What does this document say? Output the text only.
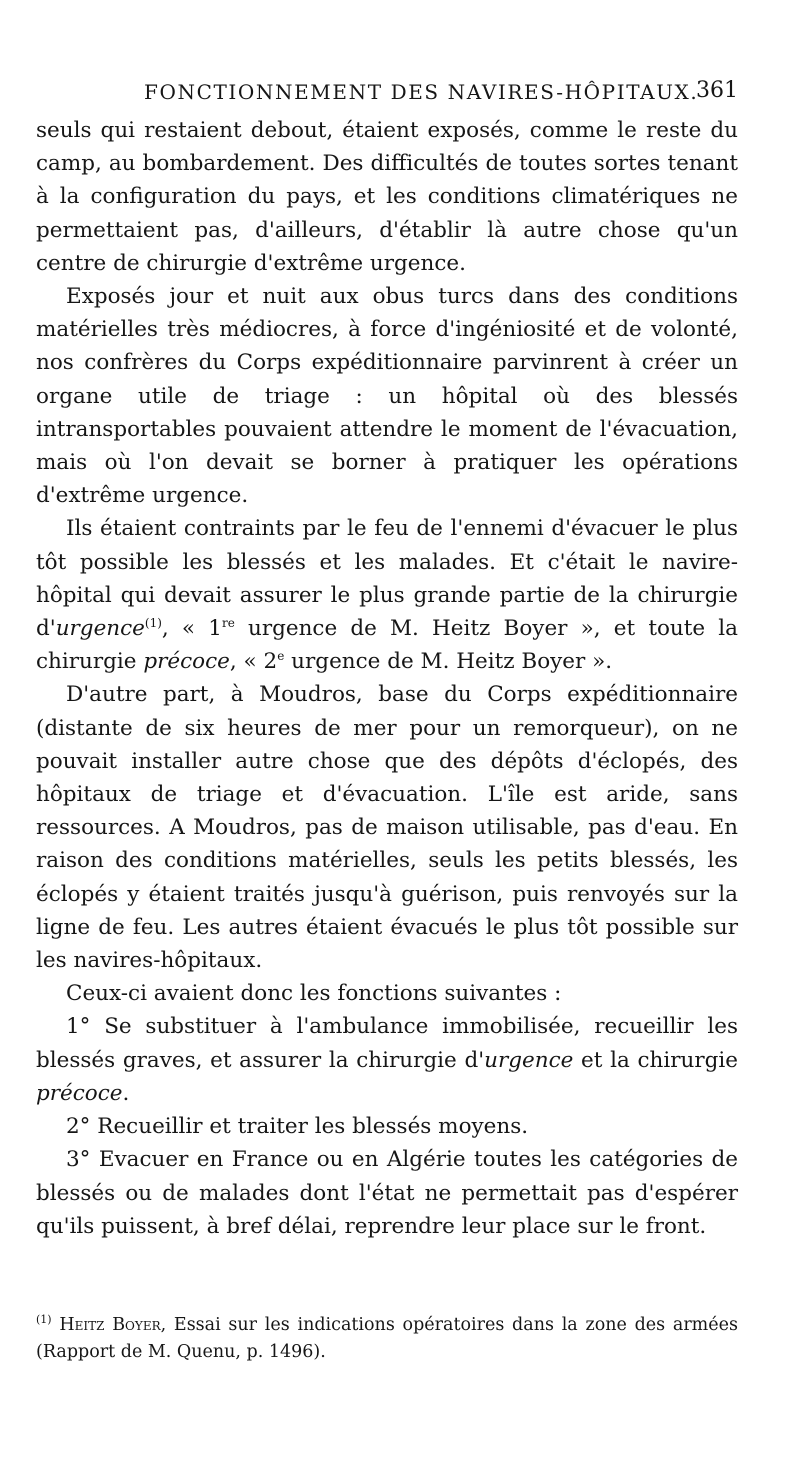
FONCTIONNEMENT DES NAVIRES-HÔPITAUX.
361

seuls qui restaient debout, étaient exposés, comme le reste du camp, au bombardement. Des difficultés de toutes sortes tenant à la configuration du pays, et les conditions climatériques ne permettaient pas, d'ailleurs, d'établir là autre chose qu'un centre de chirurgie d'extrême urgence.

Exposés jour et nuit aux obus turcs dans des conditions matérielles très médiocres, à force d'ingéniosité et de volonté, nos confrères du Corps expéditionnaire parvinrent à créer un organe utile de triage : un hôpital où des blessés intransportables pouvaient attendre le moment de l'évacuation, mais où l'on devait se borner à pratiquer les opérations d'extrême urgence.

Ils étaient contraints par le feu de l'ennemi d'évacuer le plus tôt possible les blessés et les malades. Et c'était le navire-hôpital qui devait assurer le plus grande partie de la chirurgie d'urgence$^{(1)}$, « 1re urgence de M. Heitz Boyer », et toute la chirurgie précoce, « 2e urgence de M. Heitz Boyer ».

D'autre part, à Moudros, base du Corps expéditionnaire (distante de six heures de mer pour un remorqueur), on ne pouvait installer autre chose que des dépôts d'éclopés, des hôpitaux de triage et d'évacuation. L'île est aride, sans ressources. A Moudros, pas de maison utilisable, pas d'eau. En raison des conditions matérielles, seuls les petits blessés, les éclopés y étaient traités jusqu'à guérison, puis renvoyés sur la ligne de feu. Les autres étaient évacués le plus tôt possible sur les navires-hôpitaux.

Ceux-ci avaient donc les fonctions suivantes :

1° Se substituer à l'ambulance immobilisée, recueillir les blessés graves, et assurer la chirurgie d'urgence et la chirurgie précoce.

2° Recueillir et traiter les blessés moyens.

3° Evacuer en France ou en Algérie toutes les catégories de blessés ou de malades dont l'état ne permettait pas d'espérer qu'ils puissent, à bref délai, reprendre leur place sur le front.

$^{(1)}$ Heitz Boyer, Essai sur les indications opératoires dans la zone des armées (Rapport de M. Quenu, p. 1496).
